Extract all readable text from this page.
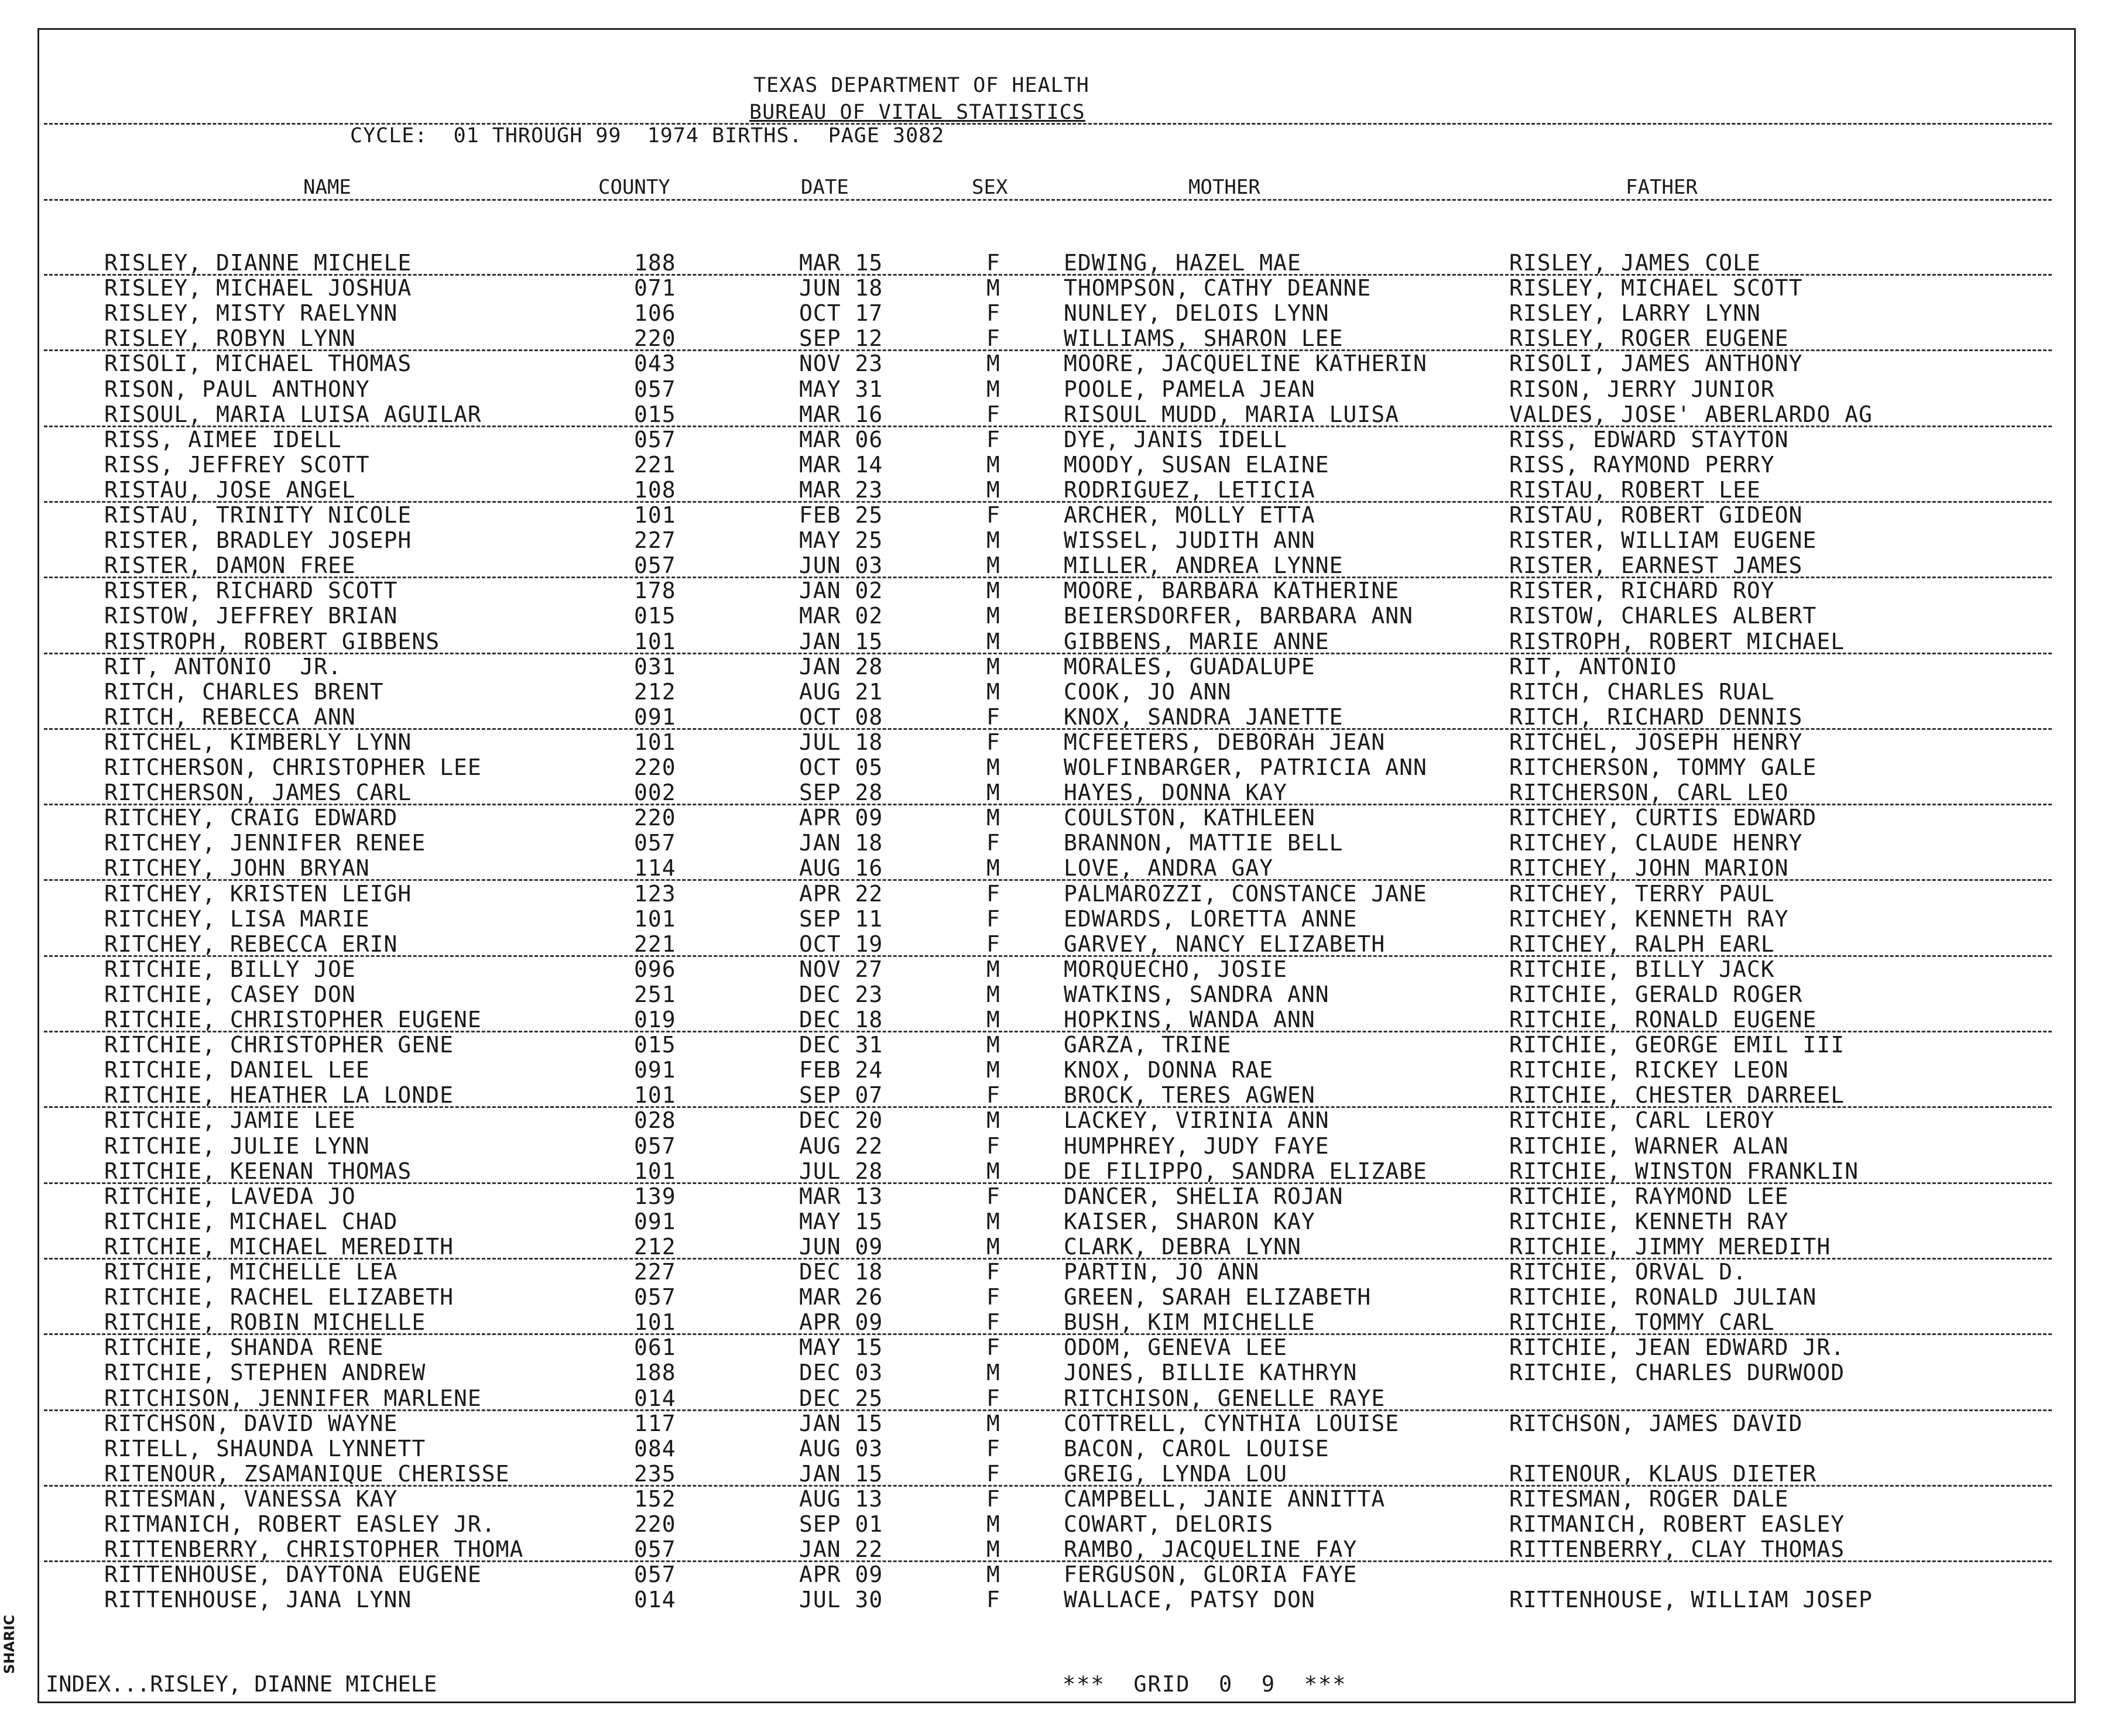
TEXAS DEPARTMENT OF HEALTH
BUREAU OF VITAL STATISTICS
CYCLE:  01 THROUGH 99  1974 BIRTHS.  PAGE 3082
NAME	COUNTY	DATE	SEX	MOTHER	FATHER
RISLEY, DIANNE MICHELE	188	MAR 15	F	EDWING, HAZEL MAE	RISLEY, JAMES COLE
RISLEY, MICHAEL JOSHUA	071	JUN 18	M	THOMPSON, CATHY DEANNE	RISLEY, MICHAEL SCOTT
RISLEY, MISTY RAELYNN	106	OCT 17	F	NUNLEY, DELOIS LYNN	RISLEY, LARRY LYNN
RISLEY, ROBYN LYNN	220	SEP 12	F	WILLIAMS, SHARON LEE	RISLEY, ROGER EUGENE
RISOLI, MICHAEL THOMAS	043	NOV 23	M	MOORE, JACQUELINE KATHERIN	RISOLI, JAMES ANTHONY
RISON, PAUL ANTHONY	057	MAY 31	M	POOLE, PAMELA JEAN	RISON, JERRY JUNIOR
RISOUL, MARIA LUISA AGUILAR	015	MAR 16	F	RISOUL MUDD, MARIA LUISA	VALDES, JOSE' ABERLARDO AG
RISS, AIMEE IDELL	057	MAR 06	F	DYE, JANIS IDELL	RISS, EDWARD STAYTON
RISS, JEFFREY SCOTT	221	MAR 14	M	MOODY, SUSAN ELAINE	RISS, RAYMOND PERRY
RISTAU, JOSE ANGEL	108	MAR 23	M	RODRIGUEZ, LETICIA	RISTAU, ROBERT LEE
RISTAU, TRINITY NICOLE	101	FEB 25	F	ARCHER, MOLLY ETTA	RISTAU, ROBERT GIDEON
RISTER, BRADLEY JOSEPH	227	MAY 25	M	WISSEL, JUDITH ANN	RISTER, WILLIAM EUGENE
RISTER, DAMON FREE	057	JUN 03	M	MILLER, ANDREA LYNNE	RISTER, EARNEST JAMES
RISTER, RICHARD SCOTT	178	JAN 02	M	MOORE, BARBARA KATHERINE	RISTER, RICHARD ROY
RISTOW, JEFFREY BRIAN	015	MAR 02	M	BEIERSDORFER, BARBARA ANN	RISTOW, CHARLES ALBERT
RISTROPH, ROBERT GIBBENS	101	JAN 15	M	GIBBENS, MARIE ANNE	RISTROPH, ROBERT MICHAEL
RIT, ANTONIO  JR.	031	JAN 28	M	MORALES, GUADALUPE	RIT, ANTONIO
RITCH, CHARLES BRENT	212	AUG 21	M	COOK, JO ANN	RITCH, CHARLES RUAL
RITCH, REBECCA ANN	091	OCT 08	F	KNOX, SANDRA JANETTE	RITCH, RICHARD DENNIS
RITCHEL, KIMBERLY LYNN	101	JUL 18	F	MCFEETERS, DEBORAH JEAN	RITCHEL, JOSEPH HENRY
RITCHERSON, CHRISTOPHER LEE	220	OCT 05	M	WOLFINBARGER, PATRICIA ANN	RITCHERSON, TOMMY GALE
RITCHERSON, JAMES CARL	002	SEP 28	M	HAYES, DONNA KAY	RITCHERSON, CARL LEO
RITCHEY, CRAIG EDWARD	220	APR 09	M	COULSTON, KATHLEEN	RITCHEY, CURTIS EDWARD
RITCHEY, JENNIFER RENEE	057	JAN 18	F	BRANNON, MATTIE BELL	RITCHEY, CLAUDE HENRY
RITCHEY, JOHN BRYAN	114	AUG 16	M	LOVE, ANDRA GAY	RITCHEY, JOHN MARION
RITCHEY, KRISTEN LEIGH	123	APR 22	F	PALMAROZZI, CONSTANCE JANE	RITCHEY, TERRY PAUL
RITCHEY, LISA MARIE	101	SEP 11	F	EDWARDS, LORETTA ANNE	RITCHEY, KENNETH RAY
RITCHEY, REBECCA ERIN	221	OCT 19	F	GARVEY, NANCY ELIZABETH	RITCHEY, RALPH EARL
RITCHIE, BILLY JOE	096	NOV 27	M	MORQUECHO, JOSIE	RITCHIE, BILLY JACK
RITCHIE, CASEY DON	251	DEC 23	M	WATKINS, SANDRA ANN	RITCHIE, GERALD ROGER
RITCHIE, CHRISTOPHER EUGENE	019	DEC 18	M	HOPKINS, WANDA ANN	RITCHIE, RONALD EUGENE
RITCHIE, CHRISTOPHER GENE	015	DEC 31	M	GARZA, TRINE	RITCHIE, GEORGE EMIL III
RITCHIE, DANIEL LEE	091	FEB 24	M	KNOX, DONNA RAE	RITCHIE, RICKEY LEON
RITCHIE, HEATHER LA LONDE	101	SEP 07	F	BROCK, TERES AGWEN	RITCHIE, CHESTER DARREEL
RITCHIE, JAMIE LEE	028	DEC 20	M	LACKEY, VIRINIA ANN	RITCHIE, CARL LEROY
RITCHIE, JULIE LYNN	057	AUG 22	F	HUMPHREY, JUDY FAYE	RITCHIE, WARNER ALAN
RITCHIE, KEENAN THOMAS	101	JUL 28	M	DE FILIPPO, SANDRA ELIZABE	RITCHIE, WINSTON FRANKLIN
RITCHIE, LAVEDA JO	139	MAR 13	F	DANCER, SHELIA ROJAN	RITCHIE, RAYMOND LEE
RITCHIE, MICHAEL CHAD	091	MAY 15	M	KAISER, SHARON KAY	RITCHIE, KENNETH RAY
RITCHIE, MICHAEL MEREDITH	212	JUN 09	M	CLARK, DEBRA LYNN	RITCHIE, JIMMY MEREDITH
RITCHIE, MICHELLE LEA	227	DEC 18	F	PARTIN, JO ANN	RITCHIE, ORVAL D.
RITCHIE, RACHEL ELIZABETH	057	MAR 26	F	GREEN, SARAH ELIZABETH	RITCHIE, RONALD JULIAN
RITCHIE, ROBIN MICHELLE	101	APR 09	F	BUSH, KIM MICHELLE	RITCHIE, TOMMY CARL
RITCHIE, SHANDA RENE	061	MAY 15	F	ODOM, GENEVA LEE	RITCHIE, JEAN EDWARD JR.
RITCHIE, STEPHEN ANDREW	188	DEC 03	M	JONES, BILLIE KATHRYN	RITCHIE, CHARLES DURWOOD
RITCHISON, JENNIFER MARLENE	014	DEC 25	F	RITCHISON, GENELLE RAYE
RITCHSON, DAVID WAYNE	117	JAN 15	M	COTTRELL, CYNTHIA LOUISE	RITCHSON, JAMES DAVID
RITELL, SHAUNDA LYNNETT	084	AUG 03	F	BACON, CAROL LOUISE
RITENOUR, ZSAMANIQUE CHERISSE	235	JAN 15	F	GREIG, LYNDA LOU	RITENOUR, KLAUS DIETER
RITESMAN, VANESSA KAY	152	AUG 13	F	CAMPBELL, JANIE ANNITTA	RITESMAN, ROGER DALE
RITMANICH, ROBERT EASLEY JR.	220	SEP 01	M	COWART, DELORIS	RITMANICH, ROBERT EASLEY
RITTENBERRY, CHRISTOPHER THOMA	057	JAN 22	M	RAMBO, JACQUELINE FAY	RITTENBERRY, CLAY THOMAS
RITTENHOUSE, DAYTONA EUGENE	057	APR 09	M	FERGUSON, GLORIA FAYE
RITTENHOUSE, JANA LYNN	014	JUL 30	F	WALLACE, PATSY DON	RITTENHOUSE, WILLIAM JOSEP
INDEX...RISLEY, DIANNE MICHELE	***  GRID  0  9  ***
SHARIC
